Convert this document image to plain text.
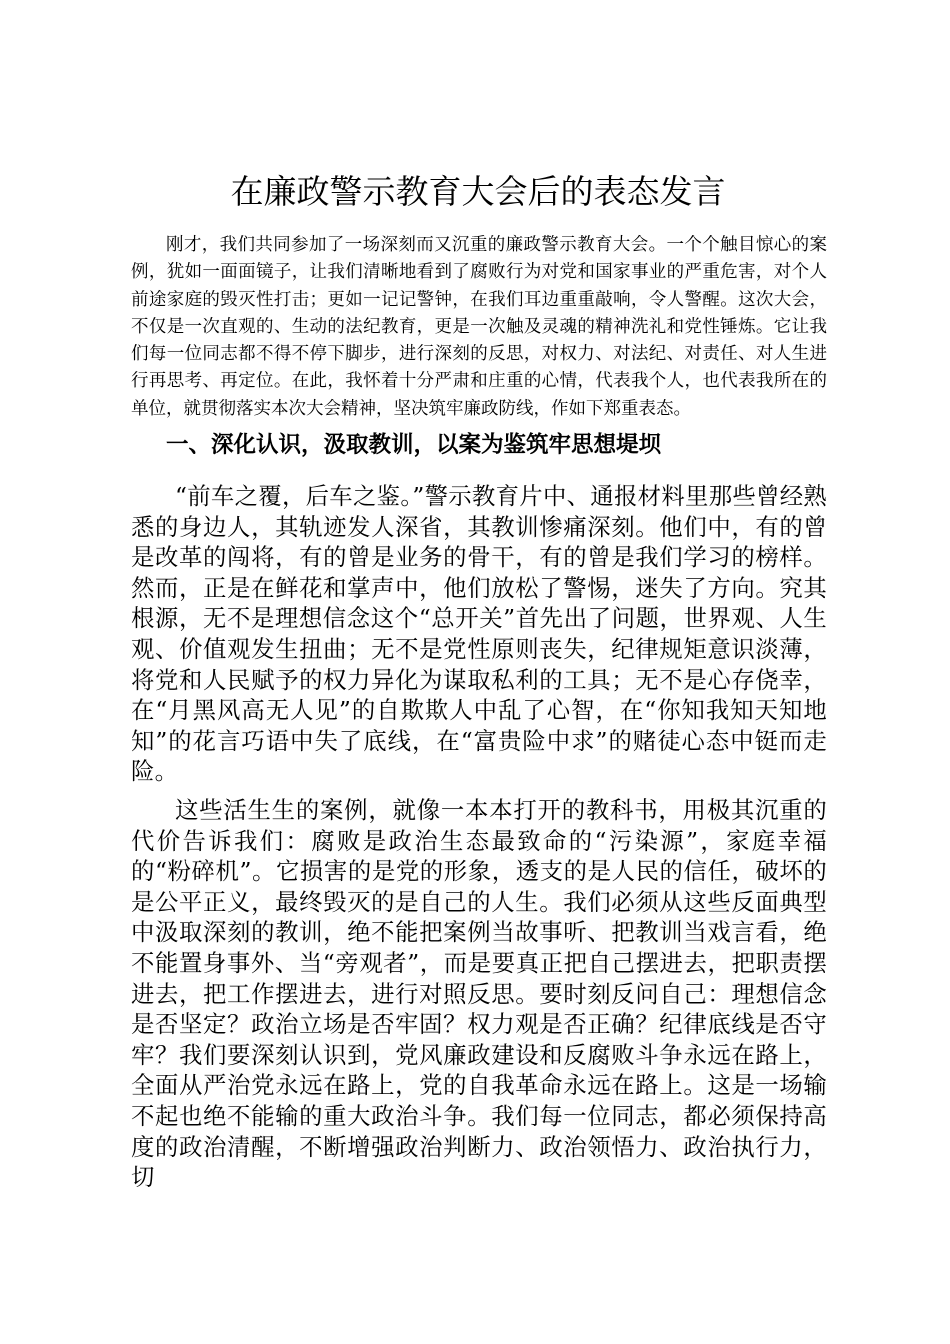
在廉政警示教育大会后的表态发言

刚才，我们共同参加了一场深刻而又沉重的廉政警示教育大会。一个个触目惊心的案例，犹如一面面镜子，让我们清晰地看到了腐败行为对党和国家事业的严重危害，对个人前途家庭的毁灭性打击；更如一记记警钟，在我们耳边重重敲响，令人警醒。这次大会，不仅是一次直观的、生动的法纪教育，更是一次触及灵魂的精神洗礼和党性锤炼。它让我们每一位同志都不得不停下脚步，进行深刻的反思，对权力、对法纪、对责任、对人生进行再思考、再定位。在此，我怀着十分严肃和庄重的心情，代表我个人，也代表我所在的单位，就贯彻落实本次大会精神，坚决筑牢廉政防线，作如下郑重表态。

一、深化认识，汲取教训，以案为鉴筑牢思想堤坝

“前车之覆，后车之鉴。”警示教育片中、通报材料里那些曾经熟悉的身边人，其轨迹发人深省，其教训惨痛深刻。他们中，有的曾是改革的闯将，有的曾是业务的骨干，有的曾是我们学习的榜样。然而，正是在鲜花和掌声中，他们放松了警惕，迷失了方向。究其根源，无不是理想信念这个“总开关”首先出了问题，世界观、人生观、价值观发生扭曲；无不是党性原则丧失，纪律规矩意识淡薄，将党和人民赋予的权力异化为谋取私利的工具；无不是心存侥幸，在“月黑风高无人见”的自欺欺人中乱了心智，在“你知我知天知地知”的花言巧语中失了底线，在“富贵险中求”的赌徒心态中铤而走险。

这些活生生的案例，就像一本本打开的教科书，用极其沉重的代价告诉我们：腐败是政治生态最致命的“污染源”，家庭幸福的“粉碎机”。它损害的是党的形象，透支的是人民的信任，破坏的是公平正义，最终毁灭的是自己的人生。我们必须从这些反面典型中汲取深刻的教训，绝不能把案例当故事听、把教训当戏言看，绝不能置身事外、当“旁观者”，而是要真正把自己摆进去，把职责摆进去，把工作摆进去，进行对照反思。要时刻反问自己：理想信念是否坚定？政治立场是否牢固？权力观是否正确？纪律底线是否守牢？我们要深刻认识到，党风廉政建设和反腐败斗争永远在路上，全面从严治党永远在路上，党的自我革命永远在路上。这是一场输不起也绝不能输的重大政治斗争。我们每一位同志，都必须保持高度的政治清醒，不断增强政治判断力、政治领悟力、政治执行力，切
